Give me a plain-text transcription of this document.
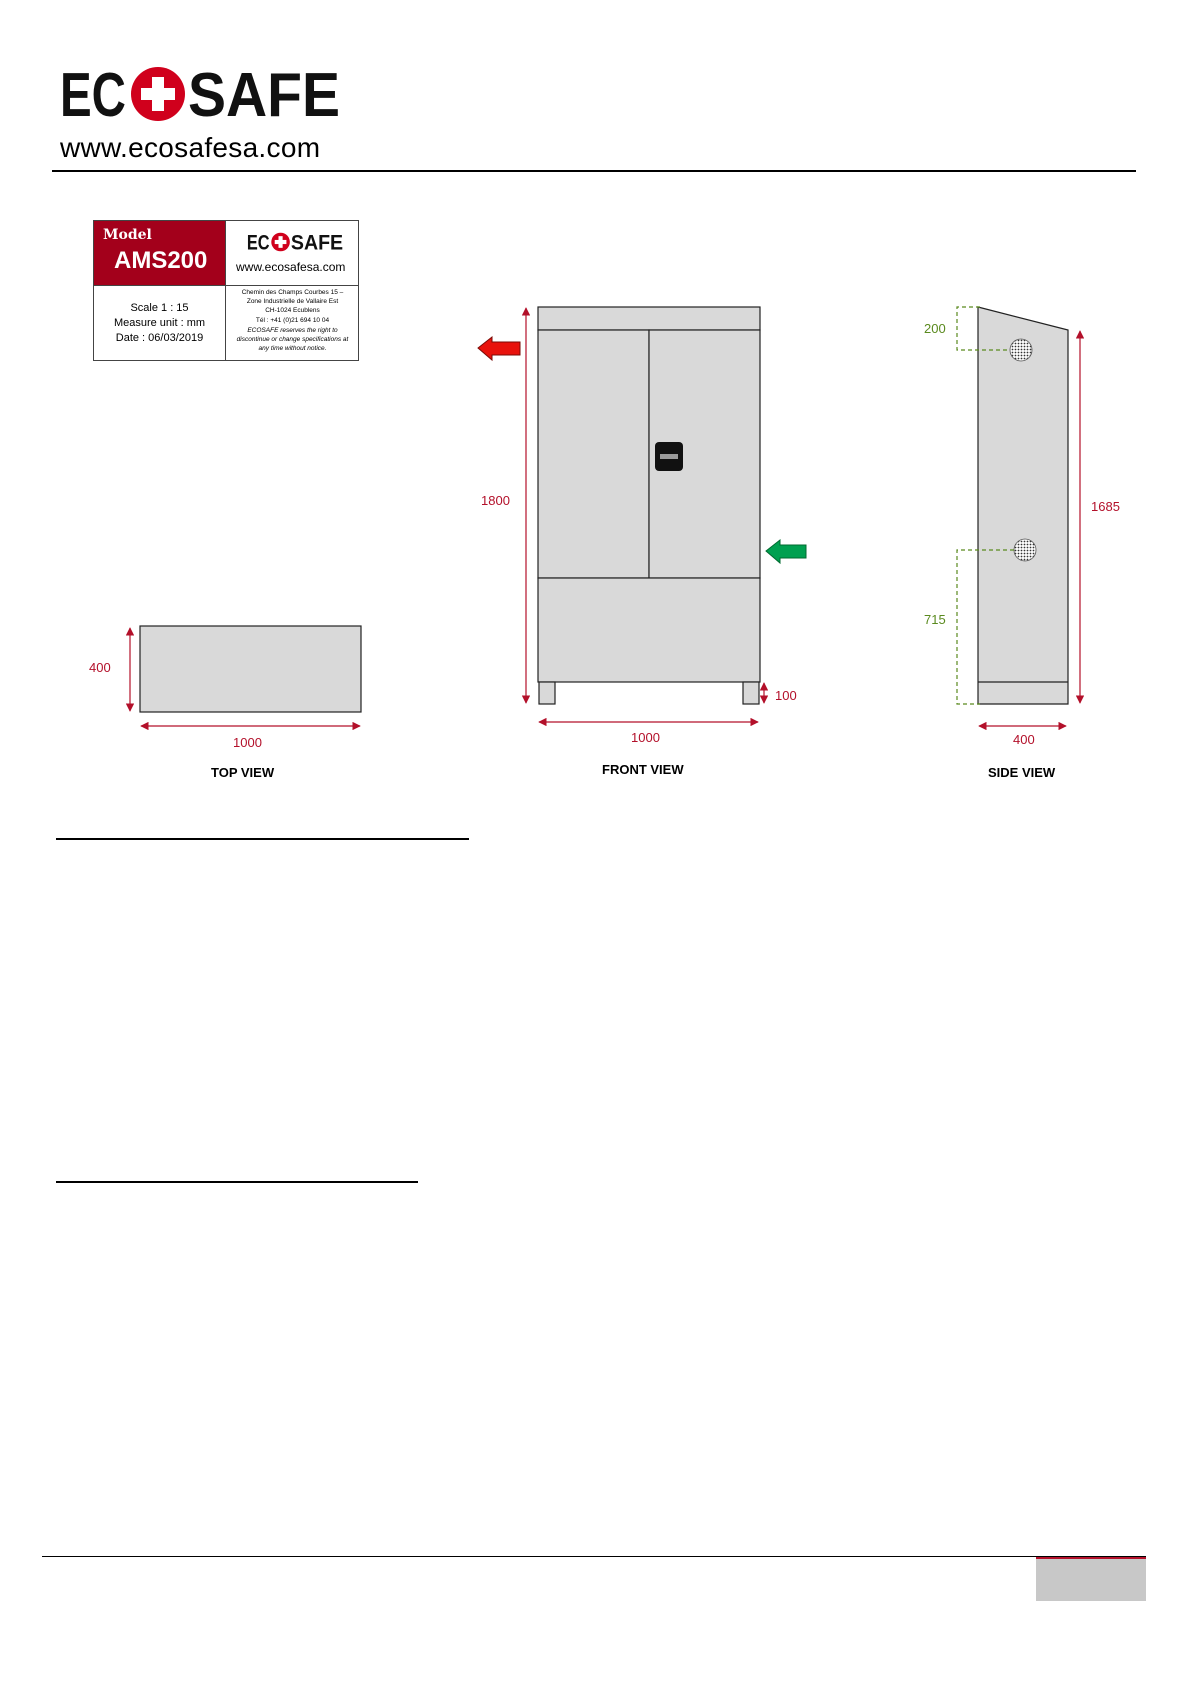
EC SAFE
www.ecosafesa.com
Model
AMS200
EC SAFE
www.ecosafesa.com
Scale 1 : 15
Measure unit : mm
Date : 06/03/2019
Chemin des Champs Courbes 15 –
Zone Industrielle de Vallaire Est
CH-1024 Ecublens
Tél : +41 (0)21 694 10 04
ECOSAFE reserves the right to
discontinue or change specifications at
any time without notice.
400
1000
TOP VIEW
1800
100
1000
FRONT VIEW
200
715
1685
400
SIDE VIEW
